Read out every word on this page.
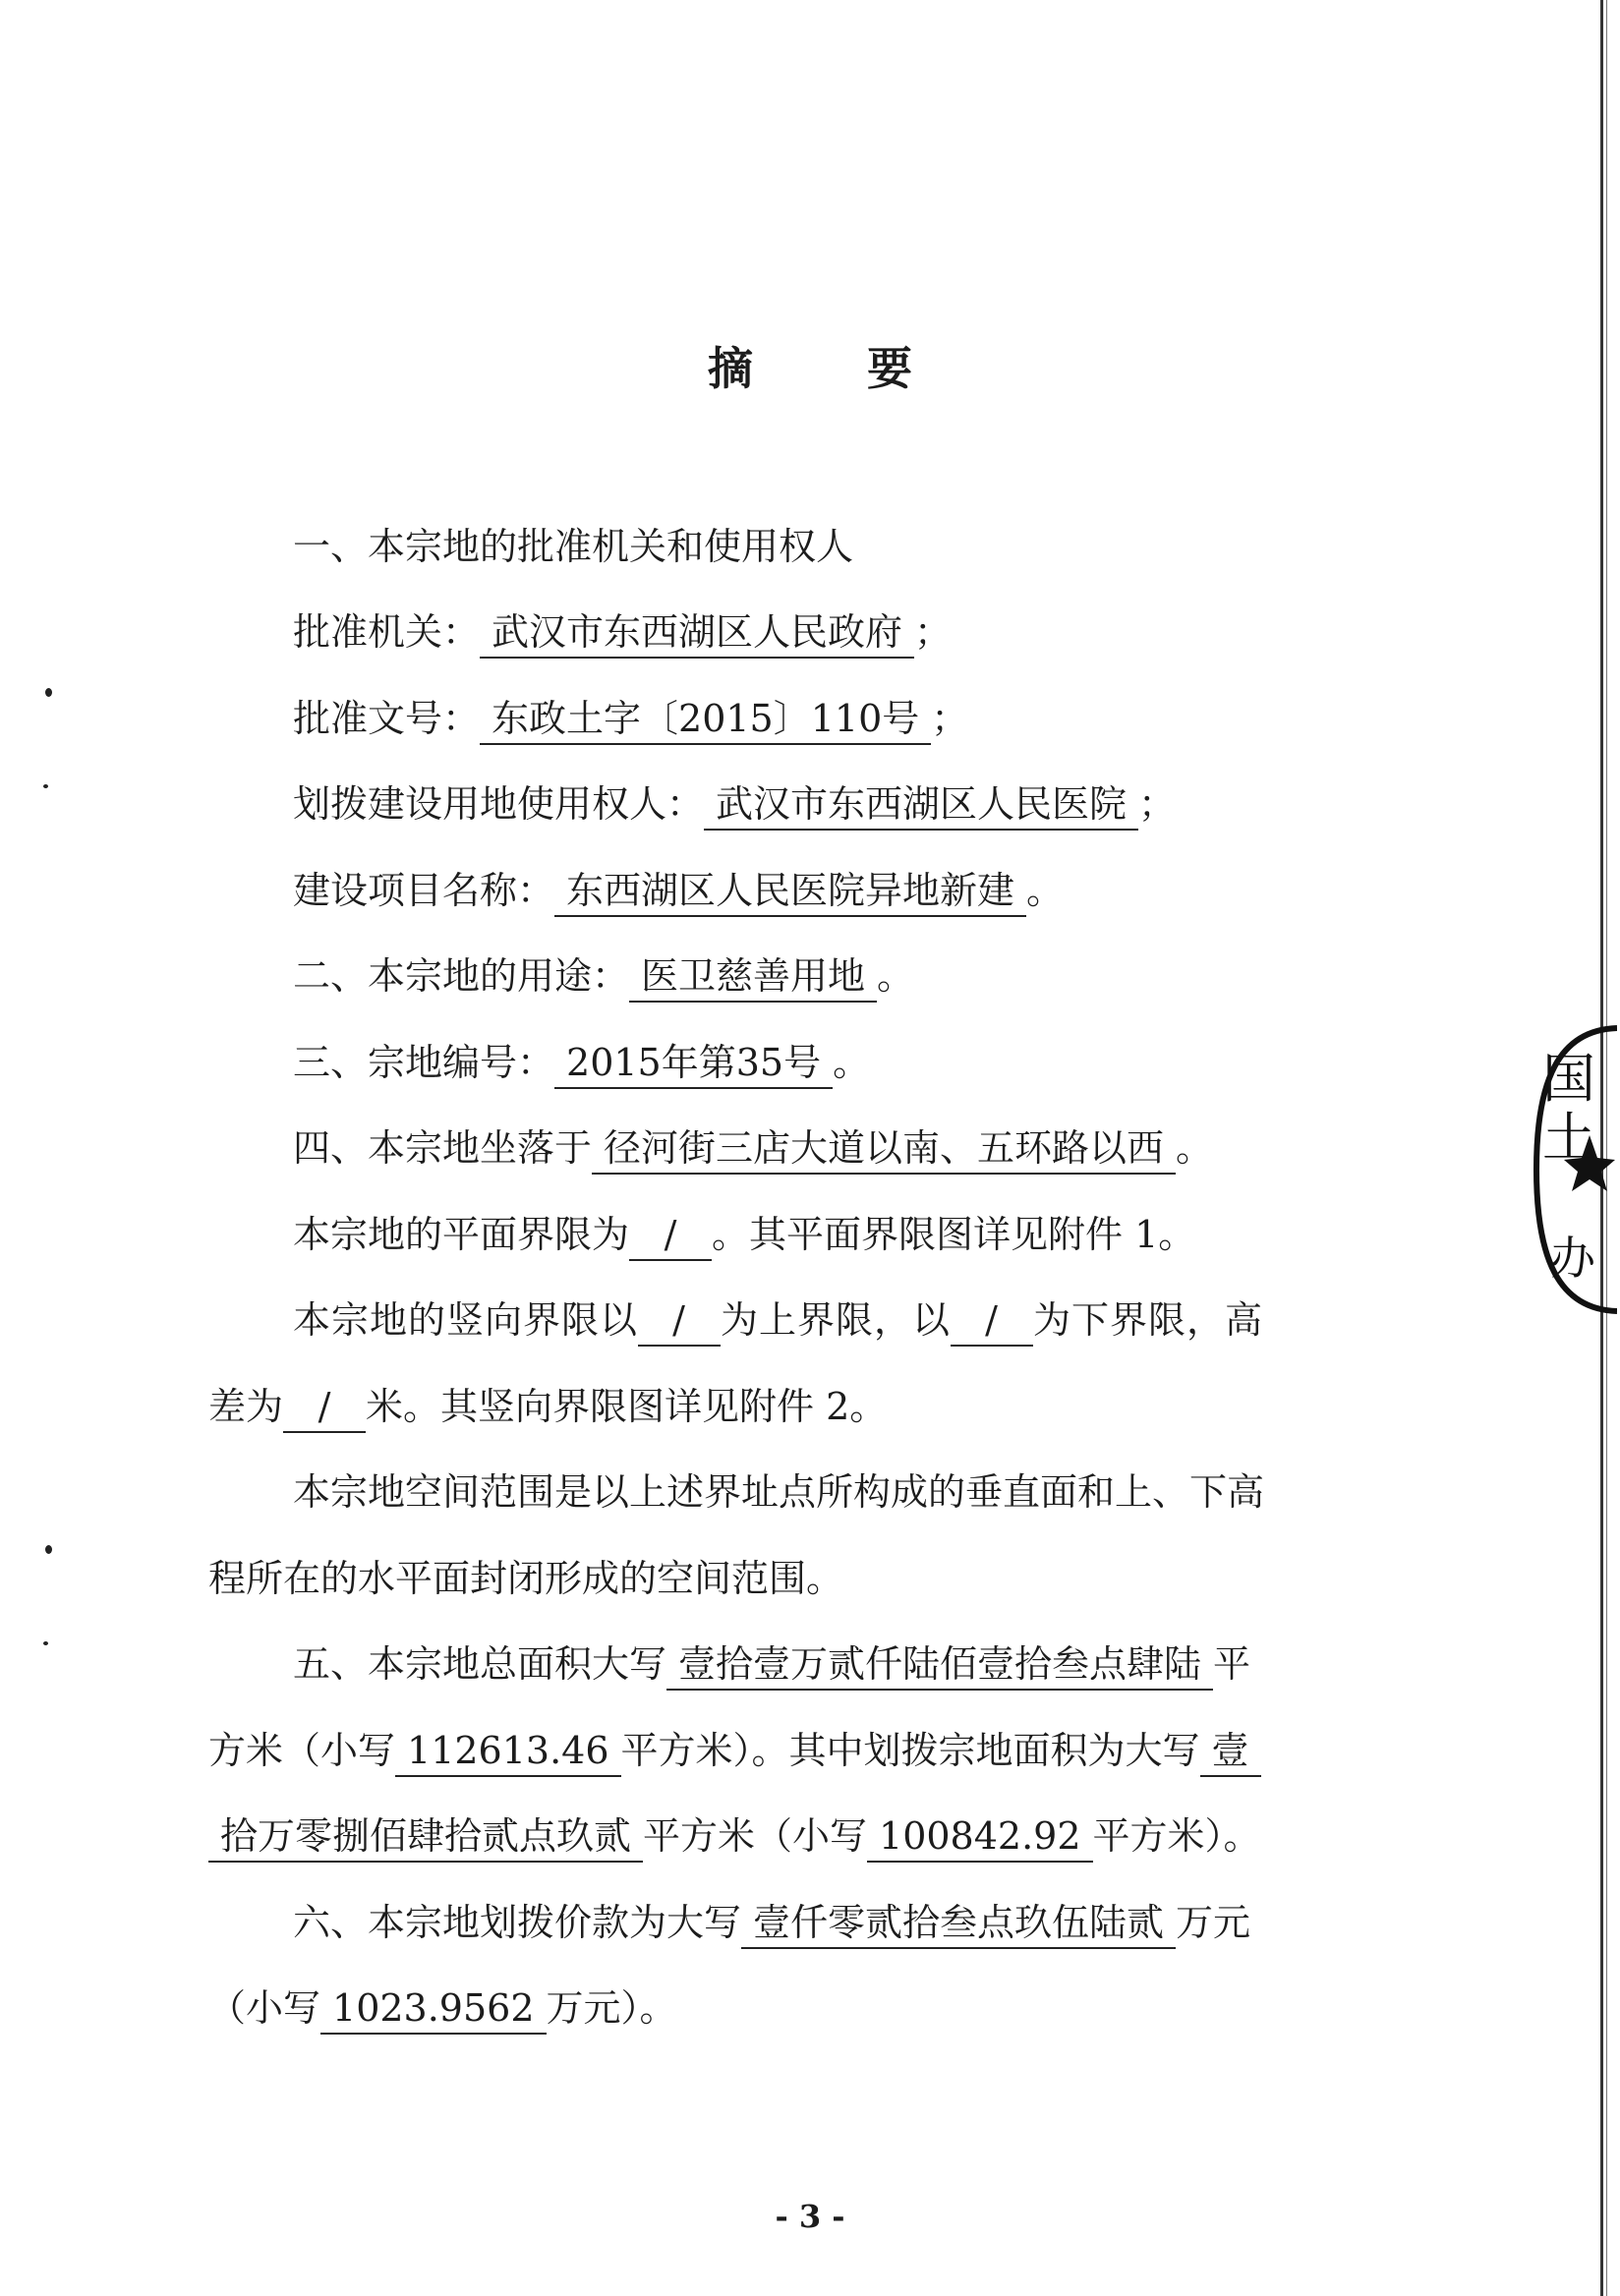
摘 要
一、本宗地的批准机关和使用权人
批准机关： 武汉市东西湖区人民政府 ；
批准文号： 东政土字〔2015〕110号 ；
划拨建设用地使用权人： 武汉市东西湖区人民医院 ；
建设项目名称： 东西湖区人民医院异地新建 。
二、本宗地的用途： 医卫慈善用地 。
三、宗地编号： 2015年第35号 。
四、本宗地坐落于 径河街三店大道以南、五环路以西 。
本宗地的平面界限为 / 。其平面界限图详见附件 1。
本宗地的竖向界限以 / 为上界限，以 / 为下界限，高
差为 / 米。其竖向界限图详见附件 2。
本宗地空间范围是以上述界址点所构成的垂直面和上、下高
程所在的水平面封闭形成的空间范围。
五、本宗地总面积大写 壹拾壹万贰仟陆佰壹拾叁点肆陆 平
方米（小写 112613.46 平方米）。其中划拨宗地面积为大写 壹
拾万零捌佰肆拾贰点玖贰 平方米（小写 100842.92 平方米）。
六、本宗地划拨价款为大写 壹仟零贰拾叁点玖伍陆贰 万元
（小写 1023.9562 万元）。
- 3 -
国土
办
